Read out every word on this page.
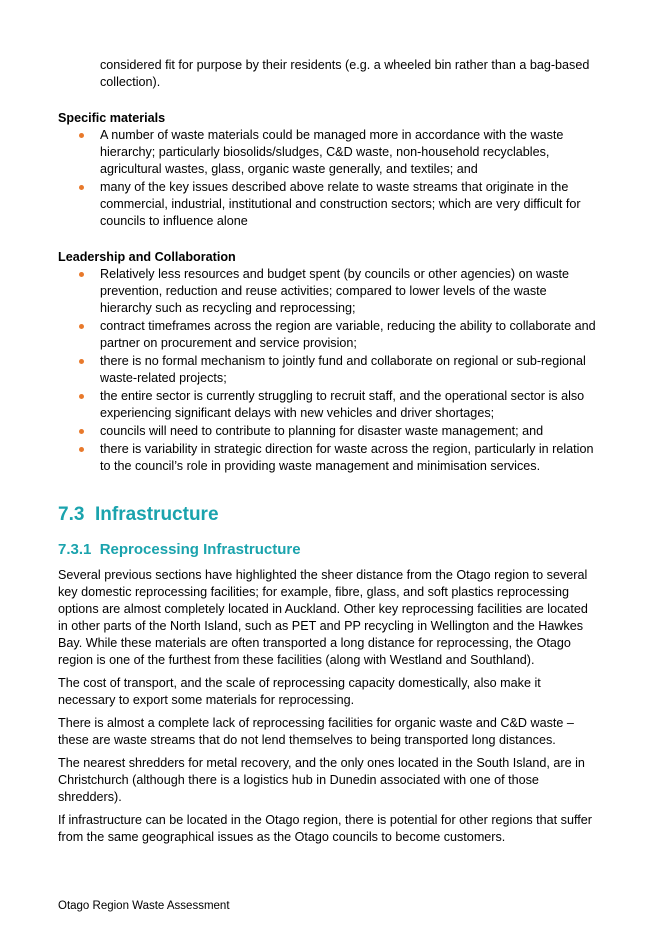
considered fit for purpose by their residents (e.g. a wheeled bin rather than a bag-based collection).
Specific materials
A number of waste materials could be managed more in accordance with the waste hierarchy; particularly biosolids/sludges, C&D waste, non-household recyclables, agricultural wastes, glass, organic waste generally, and textiles; and
many of the key issues described above relate to waste streams that originate in the commercial, industrial, institutional and construction sectors; which are very difficult for councils to influence alone
Leadership and Collaboration
Relatively less resources and budget spent (by councils or other agencies) on waste prevention, reduction and reuse activities; compared to lower levels of the waste hierarchy such as recycling and reprocessing;
contract timeframes across the region are variable, reducing the ability to collaborate and partner on procurement and service provision;
there is no formal mechanism to jointly fund and collaborate on regional or sub-regional waste-related projects;
the entire sector is currently struggling to recruit staff, and the operational sector is also experiencing significant delays with new vehicles and driver shortages;
councils will need to contribute to planning for disaster waste management; and
there is variability in strategic direction for waste across the region, particularly in relation to the council’s role in providing waste management and minimisation services.
7.3 Infrastructure
7.3.1 Reprocessing Infrastructure

Several previous sections have highlighted the sheer distance from the Otago region to several key domestic reprocessing facilities; for example, fibre, glass, and soft plastics reprocessing options are almost completely located in Auckland. Other key reprocessing facilities are located in other parts of the North Island, such as PET and PP recycling in Wellington and the Hawkes Bay. While these materials are often transported a long distance for reprocessing, the Otago region is one of the furthest from these facilities (along with Westland and Southland).

The cost of transport, and the scale of reprocessing capacity domestically, also make it necessary to export some materials for reprocessing.

There is almost a complete lack of reprocessing facilities for organic waste and C&D waste – these are waste streams that do not lend themselves to being transported long distances.

The nearest shredders for metal recovery, and the only ones located in the South Island, are in Christchurch (although there is a logistics hub in Dunedin associated with one of those shredders).

If infrastructure can be located in the Otago region, there is potential for other regions that suffer from the same geographical issues as the Otago councils to become customers.

Otago Region Waste Assessment
